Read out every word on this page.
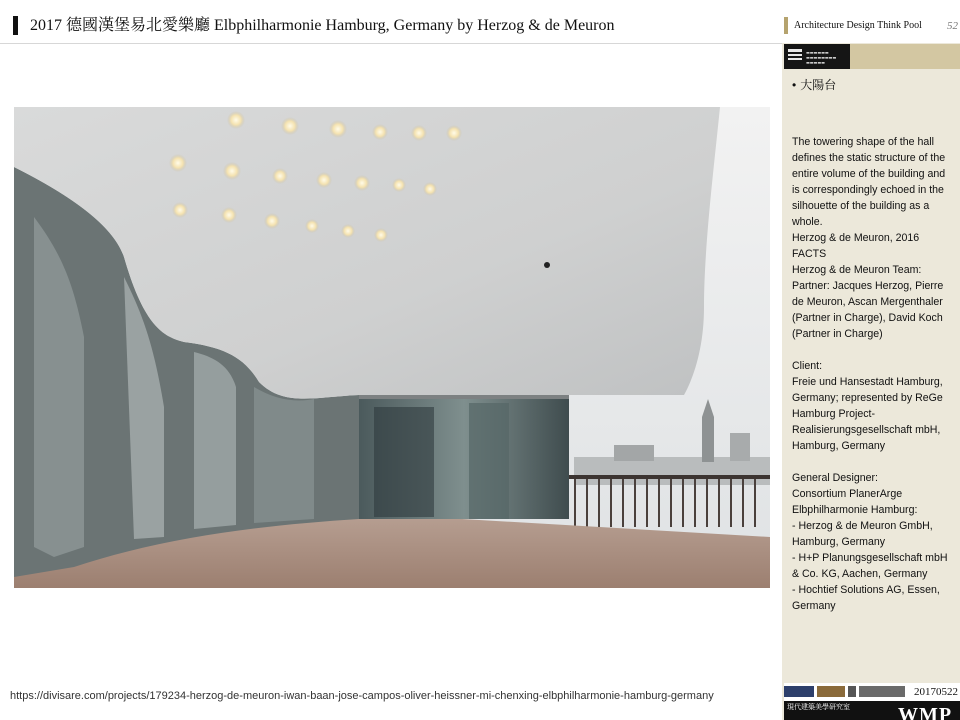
2017 德國漢堡易北愛樂廳 Elbphilharmonie Hamburg, Germany by Herzog & de Meuron	Architecture Design Think Pool	52
▬▬▬▬▬▬
▬▬▬▬▬▬▬▬
▬▬▬▬▬
• 大陽台

The towering shape of the hall defines the static structure of the entire volume of the building and is correspondingly echoed in the silhouette of the building as a whole.
Herzog & de Meuron, 2016
FACTS
Herzog & de Meuron Team:
Partner: Jacques Herzog, Pierre de Meuron, Ascan Mergenthaler (Partner in Charge), David Koch (Partner in Charge)

Client:
Freie und Hansestadt Hamburg, Germany; represented by ReGe Hamburg Project-Realisierungsgesellschaft mbH, Hamburg, Germany

General Designer:
Consortium PlanerArge Elbphilharmonie Hamburg:
- Herzog & de Meuron GmbH, Hamburg, Germany
- H+P Planungsgesellschaft mbH & Co. KG, Aachen, Germany
- Hochtief Solutions AG, Essen, Germany

20170522
現代建築美學研究室 WMP
https://divisare.com/projects/179234-herzog-de-meuron-iwan-baan-jose-campos-oliver-heissner-mi-chenxing-elbphilharmonie-hamburg-germany
